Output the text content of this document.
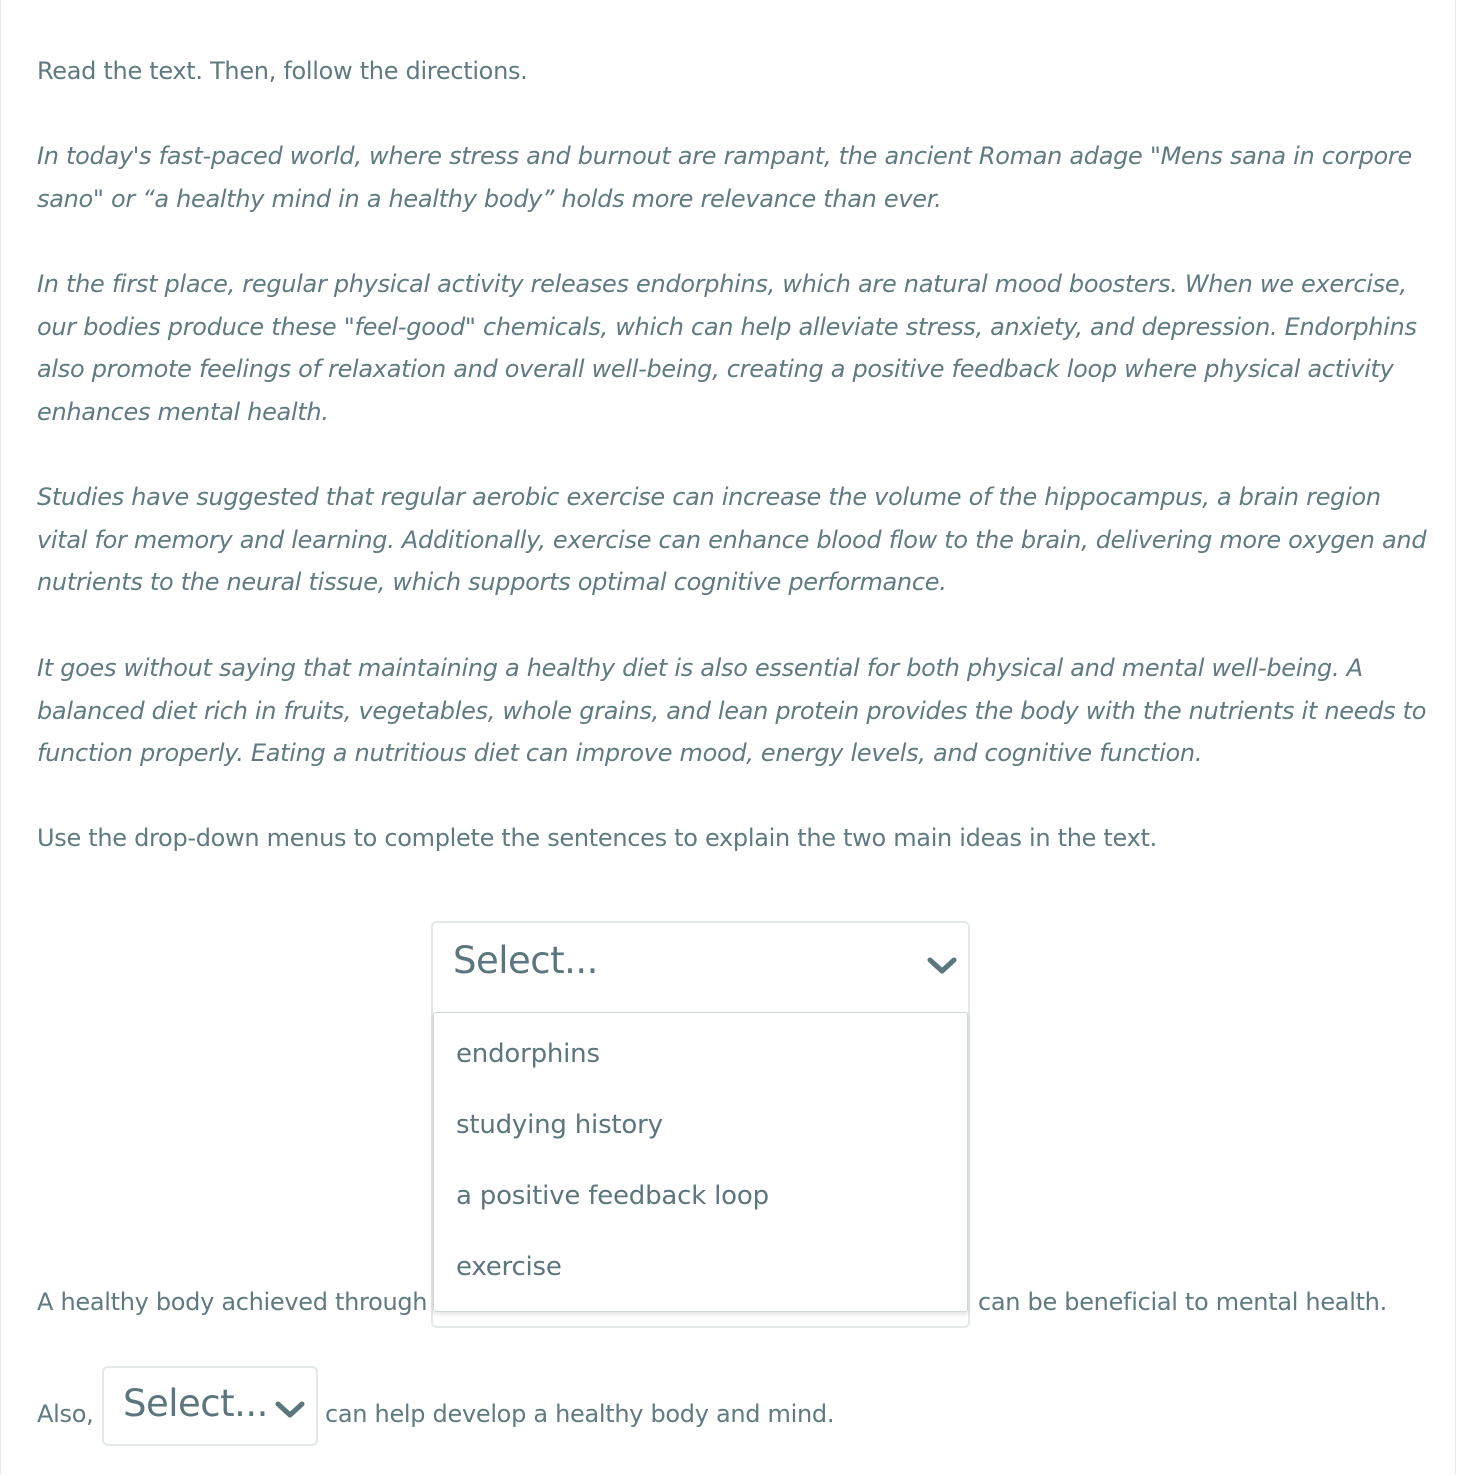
Read the text. Then, follow the directions.

In today's fast-paced world, where stress and burnout are rampant, the ancient Roman adage "Mens sana in corpore sano" or “a healthy mind in a healthy body” holds more relevance than ever.

In the first place, regular physical activity releases endorphins, which are natural mood boosters. When we exercise, our bodies produce these "feel-good" chemicals, which can help alleviate stress, anxiety, and depression. Endorphins also promote feelings of relaxation and overall well-being, creating a positive feedback loop where physical activity enhances mental health.

Studies have suggested that regular aerobic exercise can increase the volume of the hippocampus, a brain region vital for memory and learning. Additionally, exercise can enhance blood flow to the brain, delivering more oxygen and nutrients to the neural tissue, which supports optimal cognitive performance.

It goes without saying that maintaining a healthy diet is also essential for both physical and mental well-being. A balanced diet rich in fruits, vegetables, whole grains, and lean protein provides the body with the nutrients it needs to function properly. Eating a nutritious diet can improve mood, energy levels, and cognitive function.

Use the drop-down menus to complete the sentences to explain the two main ideas in the text.

A healthy body achieved through	can be beneficial to mental health.
Select...
endorphins
studying history
a positive feedback loop
exercise
Also, Select... can help develop a healthy body and mind.
